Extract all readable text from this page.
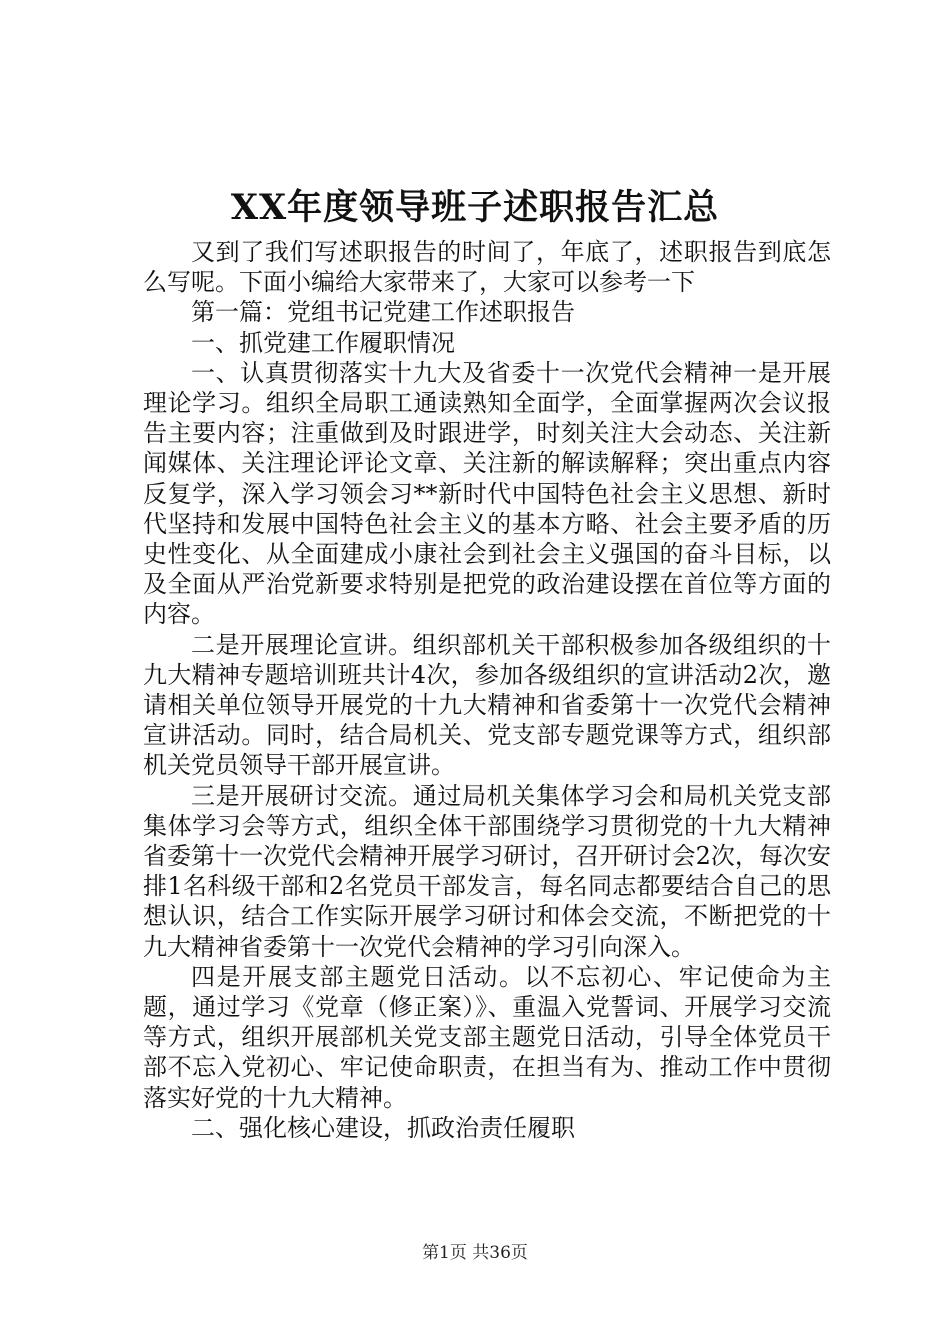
XX年度领导班子述职报告汇总

又到了我们写述职报告的时间了，年底了，述职报告到底怎么写呢。下面小编给大家带来了，大家可以参考一下

第一篇：党组书记党建工作述职报告

一、抓党建工作履职情况

一、认真贯彻落实十九大及省委十一次党代会精神一是开展理论学习。组织全局职工通读熟知全面学，全面掌握两次会议报告主要内容；注重做到及时跟进学，时刻关注大会动态、关注新闻媒体、关注理论评论文章、关注新的解读解释；突出重点内容反复学，深入学习领会习**新时代中国特色社会主义思想、新时代坚持和发展中国特色社会主义的基本方略、社会主要矛盾的历史性变化、从全面建成小康社会到社会主义强国的奋斗目标，以及全面从严治党新要求特别是把党的政治建设摆在首位等方面的内容。

二是开展理论宣讲。组织部机关干部积极参加各级组织的十九大精神专题培训班共计4次，参加各级组织的宣讲活动2次，邀请相关单位领导开展党的十九大精神和省委第十一次党代会精神宣讲活动。同时，结合局机关、党支部专题党课等方式，组织部机关党员领导干部开展宣讲。

三是开展研讨交流。通过局机关集体学习会和局机关党支部集体学习会等方式，组织全体干部围绕学习贯彻党的十九大精神省委第十一次党代会精神开展学习研讨，召开研讨会2次，每次安排1名科级干部和2名党员干部发言，每名同志都要结合自己的思想认识，结合工作实际开展学习研讨和体会交流，不断把党的十九大精神省委第十一次党代会精神的学习引向深入。

四是开展支部主题党日活动。以不忘初心、牢记使命为主题，通过学习《党章（修正案）》、重温入党誓词、开展学习交流等方式，组织开展部机关党支部主题党日活动，引导全体党员干部不忘入党初心、牢记使命职责，在担当有为、推动工作中贯彻落实好党的十九大精神。

二、强化核心建设，抓政治责任履职

第1页 共36页
